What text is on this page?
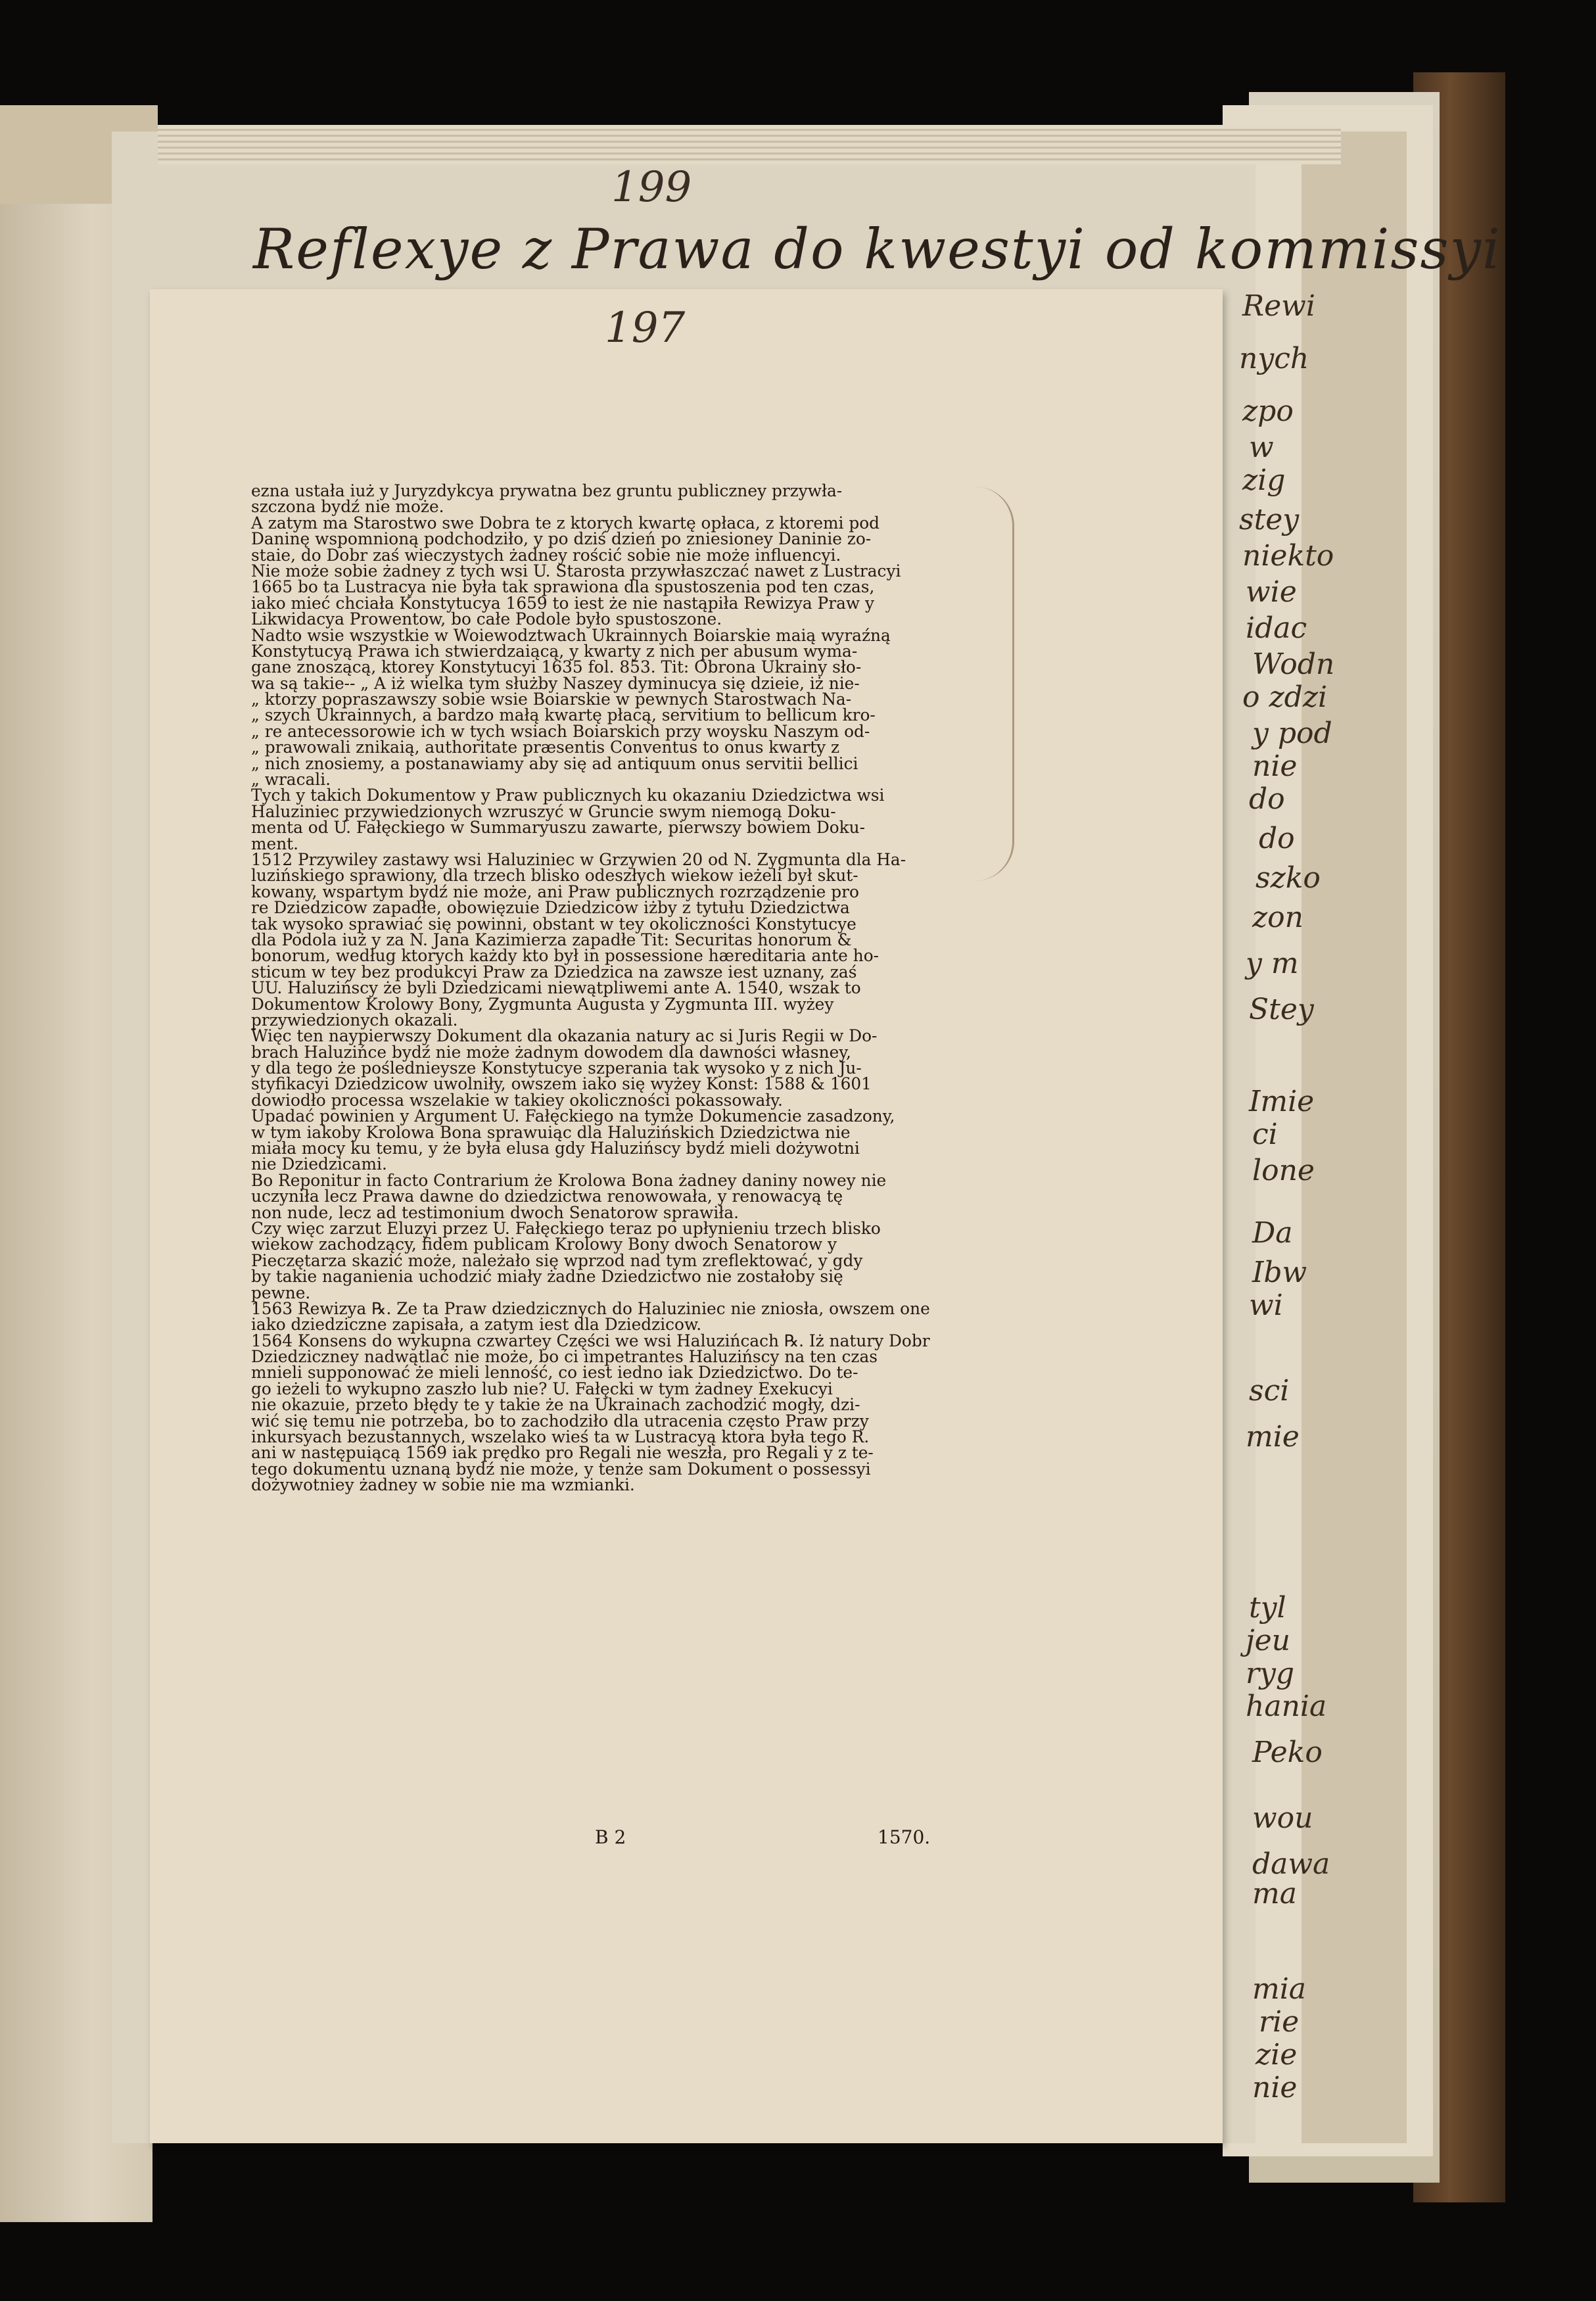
199
Reflexye z Prawa do kwestyi od kommissyi
Rewi
nych
zpo
w
zig
stey
niekto
wie
idac
Wodn
o zdzi
y pod
nie
do
do
szko
zon
y m
Stey
Imie
ci
lone
Da
Ibw
wi
sci
mie
tyl
jeu
ryg
hania
Peko
wou
dawa
ma
mia
rie
zie
nie
197
ezna ustała iuż y Juryzdykcya prywatna bez gruntu publiczney przywła-
szczona bydź nie może.
A zatym ma Starostwo swe Dobra te z ktorych kwartę opłaca, z ktoremi pod
Daninę wspomnioną podchodziło, y po dziś dzień po zniesioney Daninie zo-
staie, do Dobr zaś wieczystych żadney rościć sobie nie może influencyi.
Nie może sobie żadney z tych wsi U. Starosta przywłaszczać nawet z Lustracyi
1665 bo ta Lustracya nie była tak sprawiona dla spustoszenia pod ten czas,
iako mieć chciała Konstytucya 1659 to iest że nie nastąpiła Rewizya Praw y
Likwidacya Prowentow, bo całe Podole było spustoszone.
Nadto wsie wszystkie w Woiewodztwach Ukrainnych Boiarskie maią wyraźną
Konstytucyą Prawa ich stwierdzaiącą, y kwarty z nich per abusum wyma-
gane znoszącą, ktorey Konstytucyi 1635 fol. 853. Tit: Obrona Ukrainy sło-
wa są takie-- „ A iż wielka tym służby Naszey dyminucya się dzieie, iż nie-
„ ktorzy popraszawszy sobie wsie Boiarskie w pewnych Starostwach Na-
„ szych Ukrainnych, a bardzo małą kwartę płacą, servitium to bellicum kro-
„ re antecessorowie ich w tych wsiach Boiarskich przy woysku Naszym od-
„ prawowali znikaią, authoritate præsentis Conventus to onus kwarty z
„ nich znosiemy, a postanawiamy aby się ad antiquum onus servitii bellici
„ wracali.
Tych y takich Dokumentow y Praw publicznych ku okazaniu Dziedzictwa wsi
Haluziniec przywiedzionych wzruszyć w Gruncie swym niemogą Doku-
menta od U. Fałęckiego w Summaryuszu zawarte, pierwszy bowiem Doku-
ment.
1512 Przywiley zastawy wsi Haluziniec w Grzywien 20 od N. Zygmunta dla Ha-
luzińskiego sprawiony, dla trzech blisko odeszłych wiekow ieżeli był skut-
kowany, wspartym bydź nie może, ani Praw publicznych rozrządzenie pro
re Dziedzicow zapadłe, obowięzuie Dziedzicow iżby z tytułu Dziedzictwa
tak wysoko sprawiać się powinni, obstant w tey okoliczności Konstytucye
dla Podola iuż y za N. Jana Kazimierza zapadłe Tit: Securitas honorum &
bonorum, według ktorych każdy kto był in possessione hæreditaria ante ho-
sticum w tey bez produkcyi Praw za Dziedzica na zawsze iest uznany, zaś
UU. Haluzińscy że byli Dziedzicami niewątpliwemi ante A. 1540, wszak to
Dokumentow Krolowy Bony, Zygmunta Augusta y Zygmunta III. wyżey
przywiedzionych okazali.
Więc ten naypierwszy Dokument dla okazania natury ac si Juris Regii w Do-
brach Haluzińce bydź nie może żadnym dowodem dla dawności własney,
y dla tego że poślednieysze Konstytucye szperania tak wysoko y z nich Ju-
styfikacyi Dziedzicow uwolniły, owszem iako się wyżey Konst: 1588 & 1601
dowiodło processa wszelakie w takiey okoliczności pokassowały.
Upadać powinien y Argument U. Fałęckiego na tymże Dokumencie zasadzony,
w tym iakoby Krolowa Bona sprawuiąc dla Haluzińskich Dziedzictwa nie
miała mocy ku temu, y że była elusa gdy Haluzińscy bydź mieli dożywotni
nie Dziedzicami.
Bo Reponitur in facto Contrarium że Krolowa Bona żadney daniny nowey nie
uczyniła lecz Prawa dawne do dziedzictwa renowowała, y renowacyą tę
non nude, lecz ad testimonium dwoch Senatorow sprawiła.
Czy więc zarzut Eluzyi przez U. Fałęckiego teraz po upłynieniu trzech blisko
wiekow zachodzący, fidem publicam Krolowy Bony dwoch Senatorow y
Pieczętarza skazić może, należało się wprzod nad tym zreflektować, y gdy
by takie naganienia uchodzić miały żadne Dziedzictwo nie zostałoby się
pewne.
1563 Rewizya ℞. Ze ta Praw dziedzicznych do Haluziniec nie zniosła, owszem one
iako dziedziczne zapisała, a zatym iest dla Dziedzicow.
1564 Konsens do wykupna czwartey Części we wsi Haluzińcach ℞. Iż natury Dobr
Dziedziczney nadwątlać nie może, bo ci impetrantes Haluzińscy na ten czas
mnieli supponować że mieli lenność, co iest iedno iak Dziedzictwo. Do te-
go ieżeli to wykupno zaszło lub nie? U. Fałęcki w tym żadney Exekucyi
nie okazuie, przeto błędy te y takie że na Ukrainach zachodzić mogły, dzi-
wić się temu nie potrzeba, bo to zachodziło dla utracenia często Praw przy
inkursyach bezustannych, wszelako wieś ta w Lustracyą ktora była tego R.
ani w następuiącą 1569 iak prędko pro Regali nie weszła, pro Regali y z te-
tego dokumentu uznaną bydź nie może, y tenże sam Dokument o possessyi
dożywotniey żadney w sobie nie ma wzmianki.
B 2	1570.
